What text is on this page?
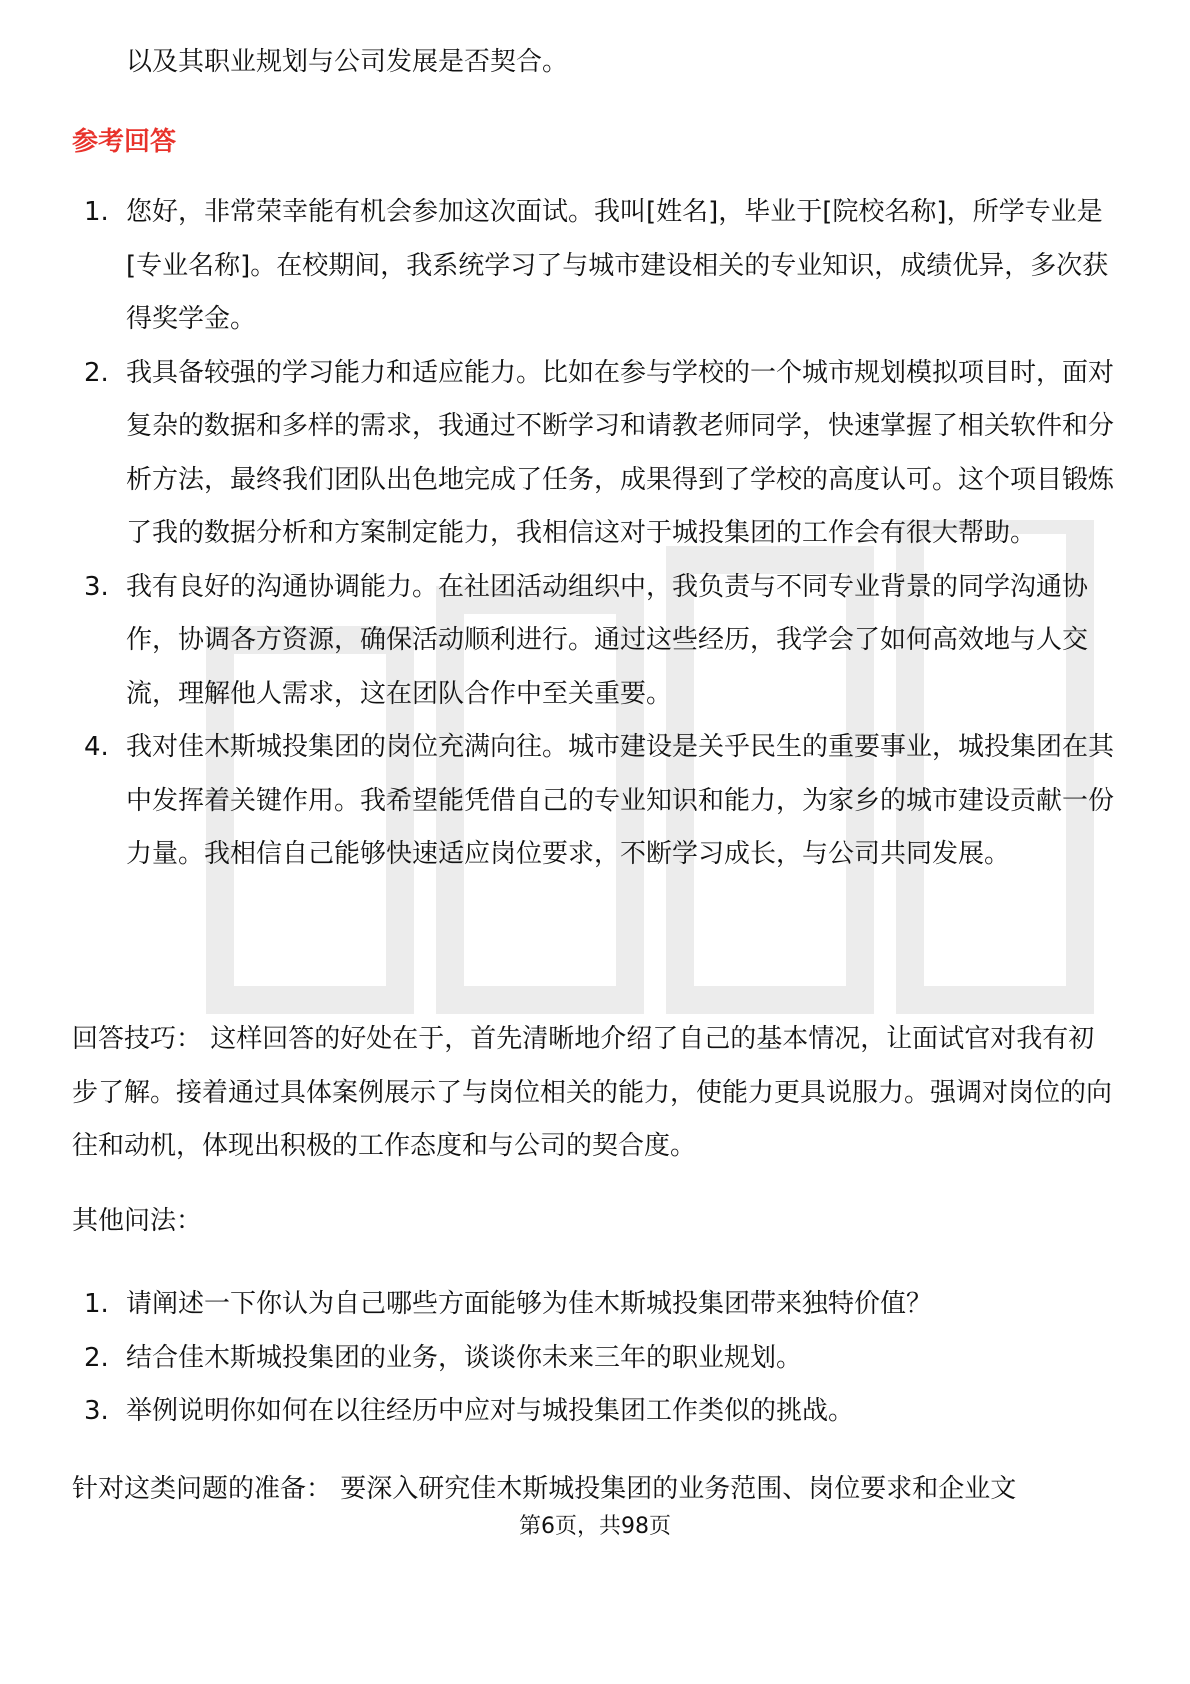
以及其职业规划与公司发展是否契合。

参考回答
1. 您好，非常荣幸能有机会参加这次面试。我叫[姓名]，毕业于[院校名称]，所学专业是[专业名称]。在校期间，我系统学习了与城市建设相关的专业知识，成绩优异，多次获得奖学金。
2. 我具备较强的学习能力和适应能力。比如在参与学校的一个城市规划模拟项目时，面对复杂的数据和多样的需求，我通过不断学习和请教老师同学，快速掌握了相关软件和分析方法，最终我们团队出色地完成了任务，成果得到了学校的高度认可。这个项目锻炼了我的数据分析和方案制定能力，我相信这对于城投集团的工作会有很大帮助。
3. 我有良好的沟通协调能力。在社团活动组织中，我负责与不同专业背景的同学沟通协作，协调各方资源，确保活动顺利进行。通过这些经历，我学会了如何高效地与人交流，理解他人需求，这在团队合作中至关重要。
4. 我对佳木斯城投集团的岗位充满向往。城市建设是关乎民生的重要事业，城投集团在其中发挥着关键作用。我希望能凭借自己的专业知识和能力，为家乡的城市建设贡献一份力量。我相信自己能够快速适应岗位要求，不断学习成长，与公司共同发展。

回答技巧： 这样回答的好处在于，首先清晰地介绍了自己的基本情况，让面试官对我有初步了解。接着通过具体案例展示了与岗位相关的能力，使能力更具说服力。强调对岗位的向往和动机，体现出积极的工作态度和与公司的契合度。

其他问法：

1. 请阐述一下你认为自己哪些方面能够为佳木斯城投集团带来独特价值？
2. 结合佳木斯城投集团的业务，谈谈你未来三年的职业规划。
3. 举例说明你如何在以往经历中应对与城投集团工作类似的挑战。

针对这类问题的准备： 要深入研究佳木斯城投集团的业务范围、岗位要求和企业文

第6页，共98页
